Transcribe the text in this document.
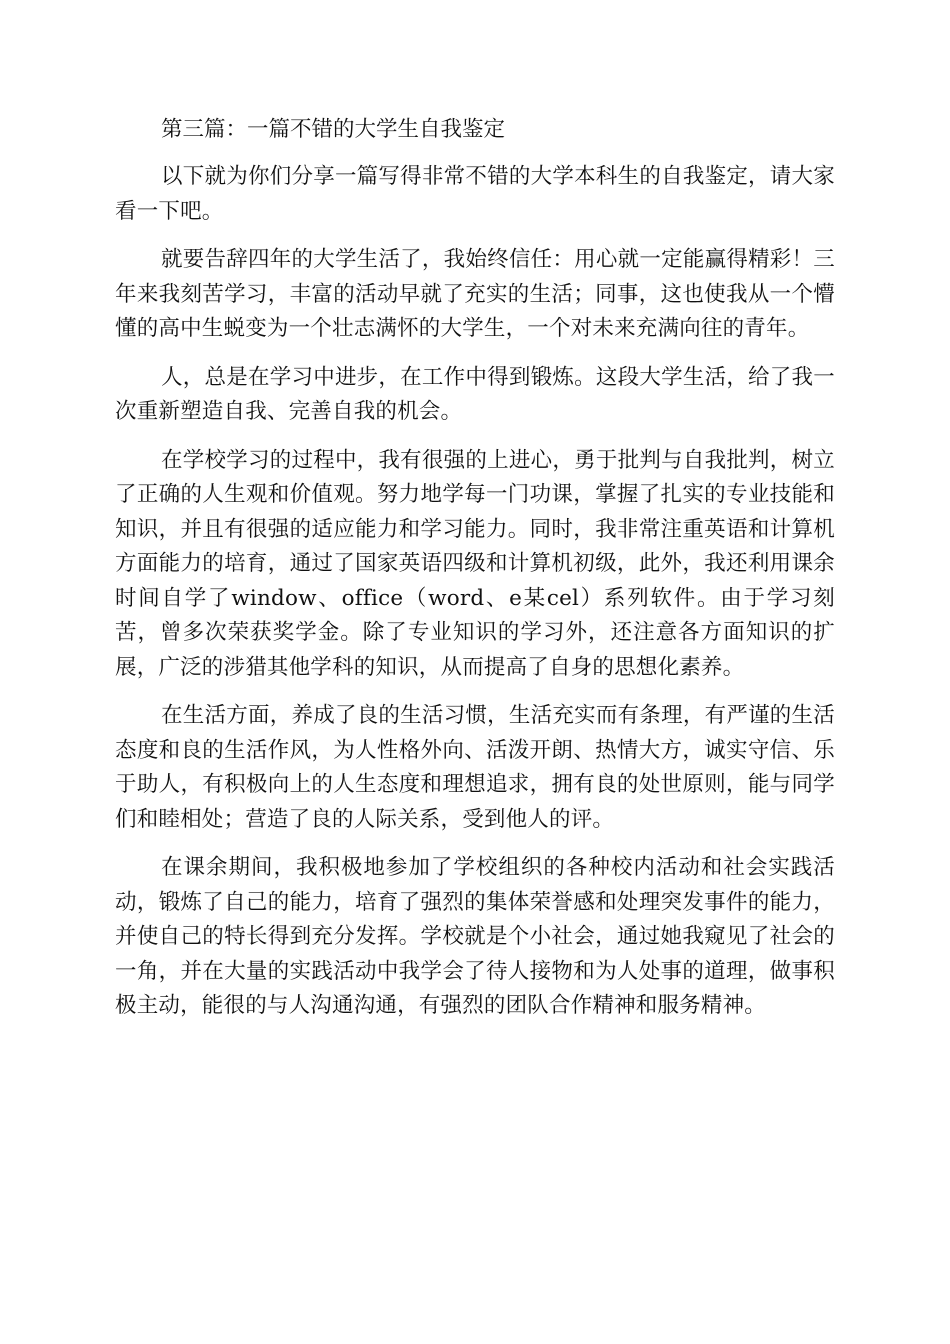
第三篇：一篇不错的大学生自我鉴定

以下就为你们分享一篇写得非常不错的大学本科生的自我鉴定，请大家看一下吧。

就要告辞四年的大学生活了，我始终信任：用心就一定能赢得精彩！三年来我刻苦学习，丰富的活动早就了充实的生活；同事，这也使我从一个懵懂的高中生蜕变为一个壮志满怀的大学生，一个对未来充满向往的青年。

人，总是在学习中进步，在工作中得到锻炼。这段大学生活，给了我一次重新塑造自我、完善自我的机会。

在学校学习的过程中，我有很强的上进心，勇于批判与自我批判，树立了正确的人生观和价值观。努力地学每一门功课，掌握了扎实的专业技能和知识，并且有很强的适应能力和学习能力。同时，我非常注重英语和计算机方面能力的培育，通过了国家英语四级和计算机初级，此外，我还利用课余时间自学了window、office（word、e某cel）系列软件。由于学习刻苦，曾多次荣获奖学金。除了专业知识的学习外，还注意各方面知识的扩展，广泛的涉猎其他学科的知识，从而提高了自身的思想化素养。

在生活方面，养成了良的生活习惯，生活充实而有条理，有严谨的生活态度和良的生活作风，为人性格外向、活泼开朗、热情大方，诚实守信、乐于助人，有积极向上的人生态度和理想追求，拥有良的处世原则，能与同学们和睦相处；营造了良的人际关系，受到他人的评。

在课余期间，我积极地参加了学校组织的各种校内活动和社会实践活动，锻炼了自己的能力，培育了强烈的集体荣誉感和处理突发事件的能力，并使自己的特长得到充分发挥。学校就是个小社会，通过她我窥见了社会的一角，并在大量的实践活动中我学会了待人接物和为人处事的道理，做事积极主动，能很的与人沟通沟通，有强烈的团队合作精神和服务精神。
